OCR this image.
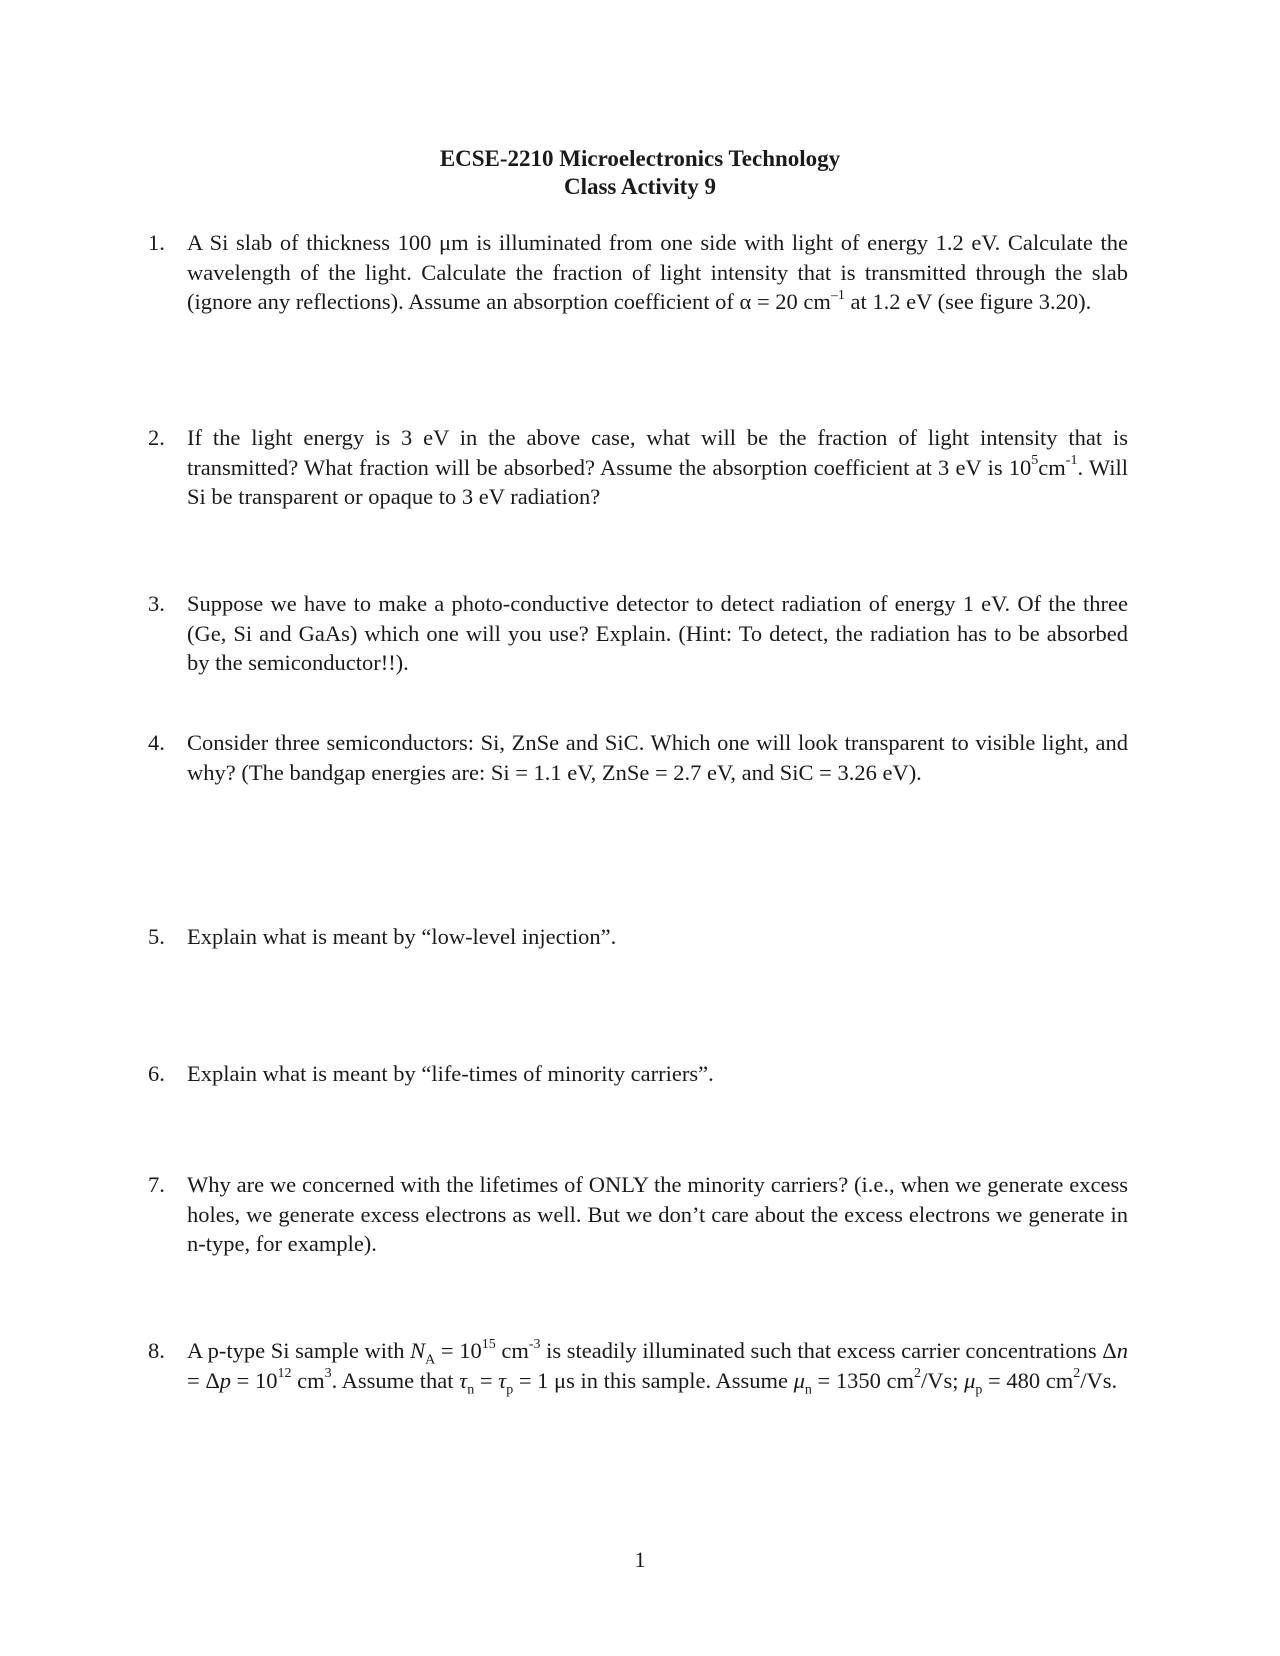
ECSE-2210 Microelectronics Technology
Class Activity 9
1. A Si slab of thickness 100 μm is illuminated from one side with light of energy 1.2 eV. Calculate the wavelength of the light. Calculate the fraction of light intensity that is transmitted through the slab (ignore any reflections). Assume an absorption coefficient of α = 20 $cm^{-1}$ at 1.2 eV (see figure 3.20).
2. If the light energy is 3 eV in the above case, what will be the fraction of light intensity that is transmitted? What fraction will be absorbed? Assume the absorption coefficient at 3 eV is $10^5cm^{-1}$. Will Si be transparent or opaque to 3 eV radiation?
3. Suppose we have to make a photo-conductive detector to detect radiation of energy 1 eV. Of the three (Ge, Si and GaAs) which one will you use? Explain. (Hint: To detect, the radiation has to be absorbed by the semiconductor!!).
4. Consider three semiconductors: Si, ZnSe and SiC. Which one will look transparent to visible light, and why? (The bandgap energies are: Si = 1.1 eV, ZnSe = 2.7 eV, and SiC = 3.26 eV).
5. Explain what is meant by “low-level injection”.
6. Explain what is meant by “life-times of minority carriers”.
7. Why are we concerned with the lifetimes of ONLY the minority carriers? (i.e., when we generate excess holes, we generate excess electrons as well. But we don’t care about the excess electrons we generate in n-type, for example).
8. A p-type Si sample with $N_A = 10^{15}$ $cm^{-3}$ is steadily illuminated such that excess carrier concentrations $\Delta n = \Delta p = 10^{12}$ $cm^3$. Assume that $\tau_n = \tau_p = 1$ μs in this sample. Assume $\mu_n = 1350$ $cm^2/Vs$; $\mu_p = 480$ $cm^2/Vs$.
1
